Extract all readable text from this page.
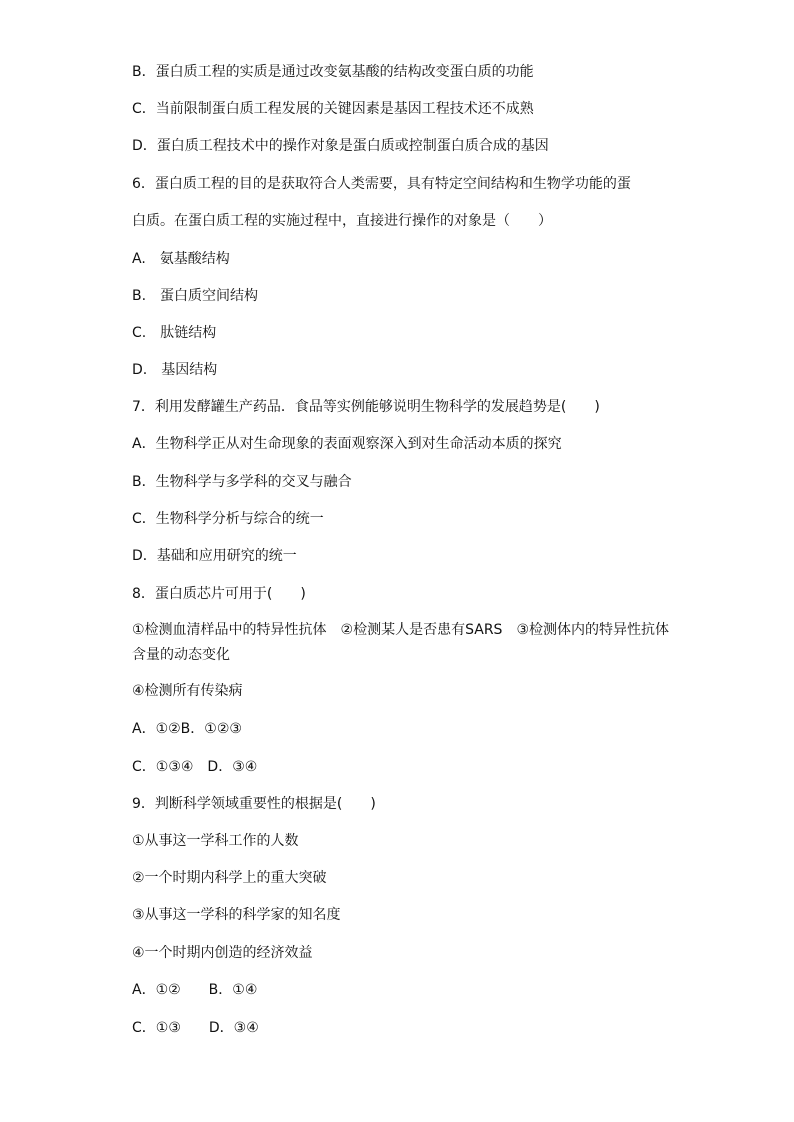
B．蛋白质工程的实质是通过改变氨基酸的结构改变蛋白质的功能
C．当前限制蛋白质工程发展的关键因素是基因工程技术还不成熟
D．蛋白质工程技术中的操作对象是蛋白质或控制蛋白质合成的基因
6．蛋白质工程的目的是获取符合人类需要，具有特定空间结构和生物学功能的蛋
白质。在蛋白质工程的实施过程中，直接进行操作的对象是（　　）
A.　氨基酸结构
B.　蛋白质空间结构
C.　肽链结构
D.　基因结构
7．利用发酵罐生产药品．食品等实例能够说明生物科学的发展趋势是(　　)
A．生物科学正从对生命现象的表面观察深入到对生命活动本质的探究
B．生物科学与多学科的交叉与融合
C．生物科学分析与综合的统一
D．基础和应用研究的统一
8．蛋白质芯片可用于(　　)
①检测血清样品中的特异性抗体　②检测某人是否患有SARS　③检测体内的特异性抗体含量的动态变化
④检测所有传染病
A．①②B．①②③
C．①③④　D．③④
9．判断科学领域重要性的根据是(　　)
①从事这一学科工作的人数
②一个时期内科学上的重大突破
③从事这一学科的科学家的知名度
④一个时期内创造的经济效益
A．①②　　B．①④
C．①③　　D．③④
